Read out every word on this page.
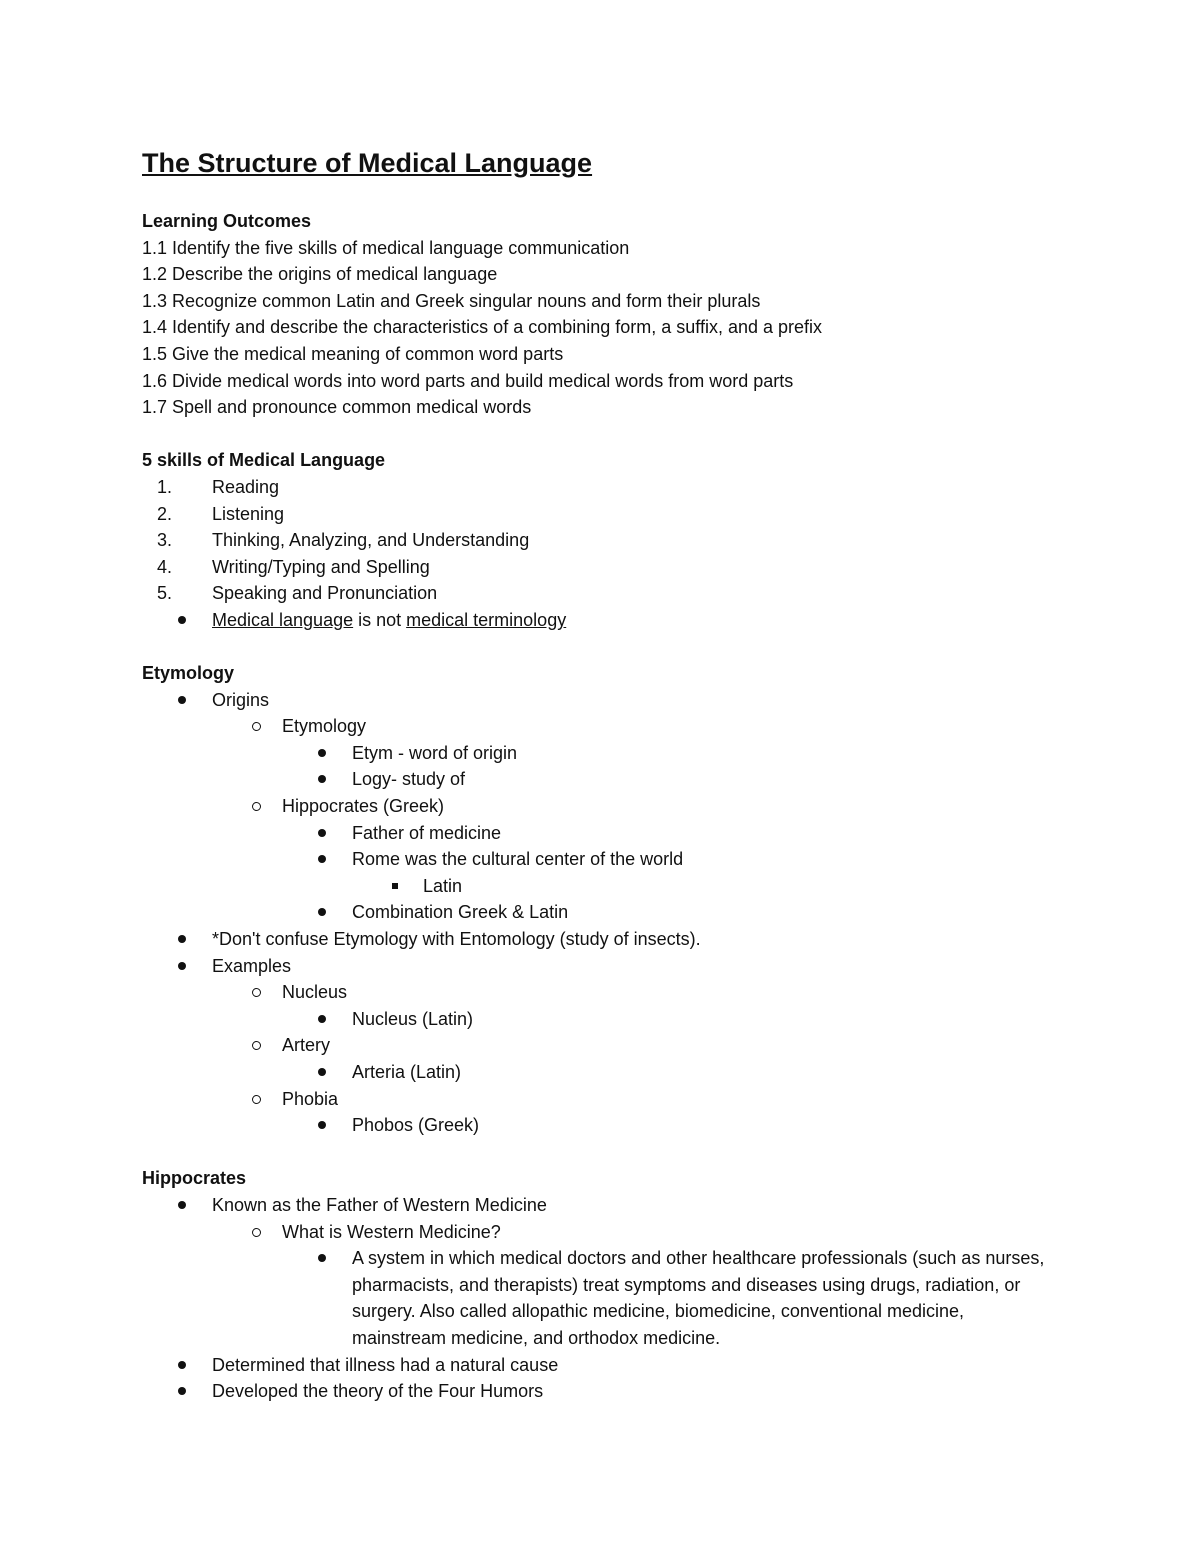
The Structure of Medical Language
Learning Outcomes
1.1 Identify the five skills of medical language communication
1.2 Describe the origins of medical language
1.3 Recognize common Latin and Greek singular nouns and form their plurals
1.4 Identify and describe the characteristics of a combining form, a suffix, and a prefix
1.5 Give the medical meaning of common word parts
1.6 Divide medical words into word parts and build medical words from word parts
1.7 Spell and pronounce common medical words
5 skills of Medical Language
1. Reading
2. Listening
3. Thinking, Analyzing, and Understanding
4. Writing/Typing and Spelling
5. Speaking and Pronunciation
Medical language is not medical terminology
Etymology
Origins
Etymology
Etym - word of origin
Logy- study of
Hippocrates (Greek)
Father of medicine
Rome was the cultural center of the world
Latin
Combination Greek & Latin
*Don't confuse Etymology with Entomology (study of insects).
Examples
Nucleus
Nucleus (Latin)
Artery
Arteria (Latin)
Phobia
Phobos (Greek)
Hippocrates
Known as the Father of Western Medicine
What is Western Medicine?
A system in which medical doctors and other healthcare professionals (such as nurses, pharmacists, and therapists) treat symptoms and diseases using drugs, radiation, or surgery. Also called allopathic medicine, biomedicine, conventional medicine, mainstream medicine, and orthodox medicine.
Determined that illness had a natural cause
Developed the theory of the Four Humors
